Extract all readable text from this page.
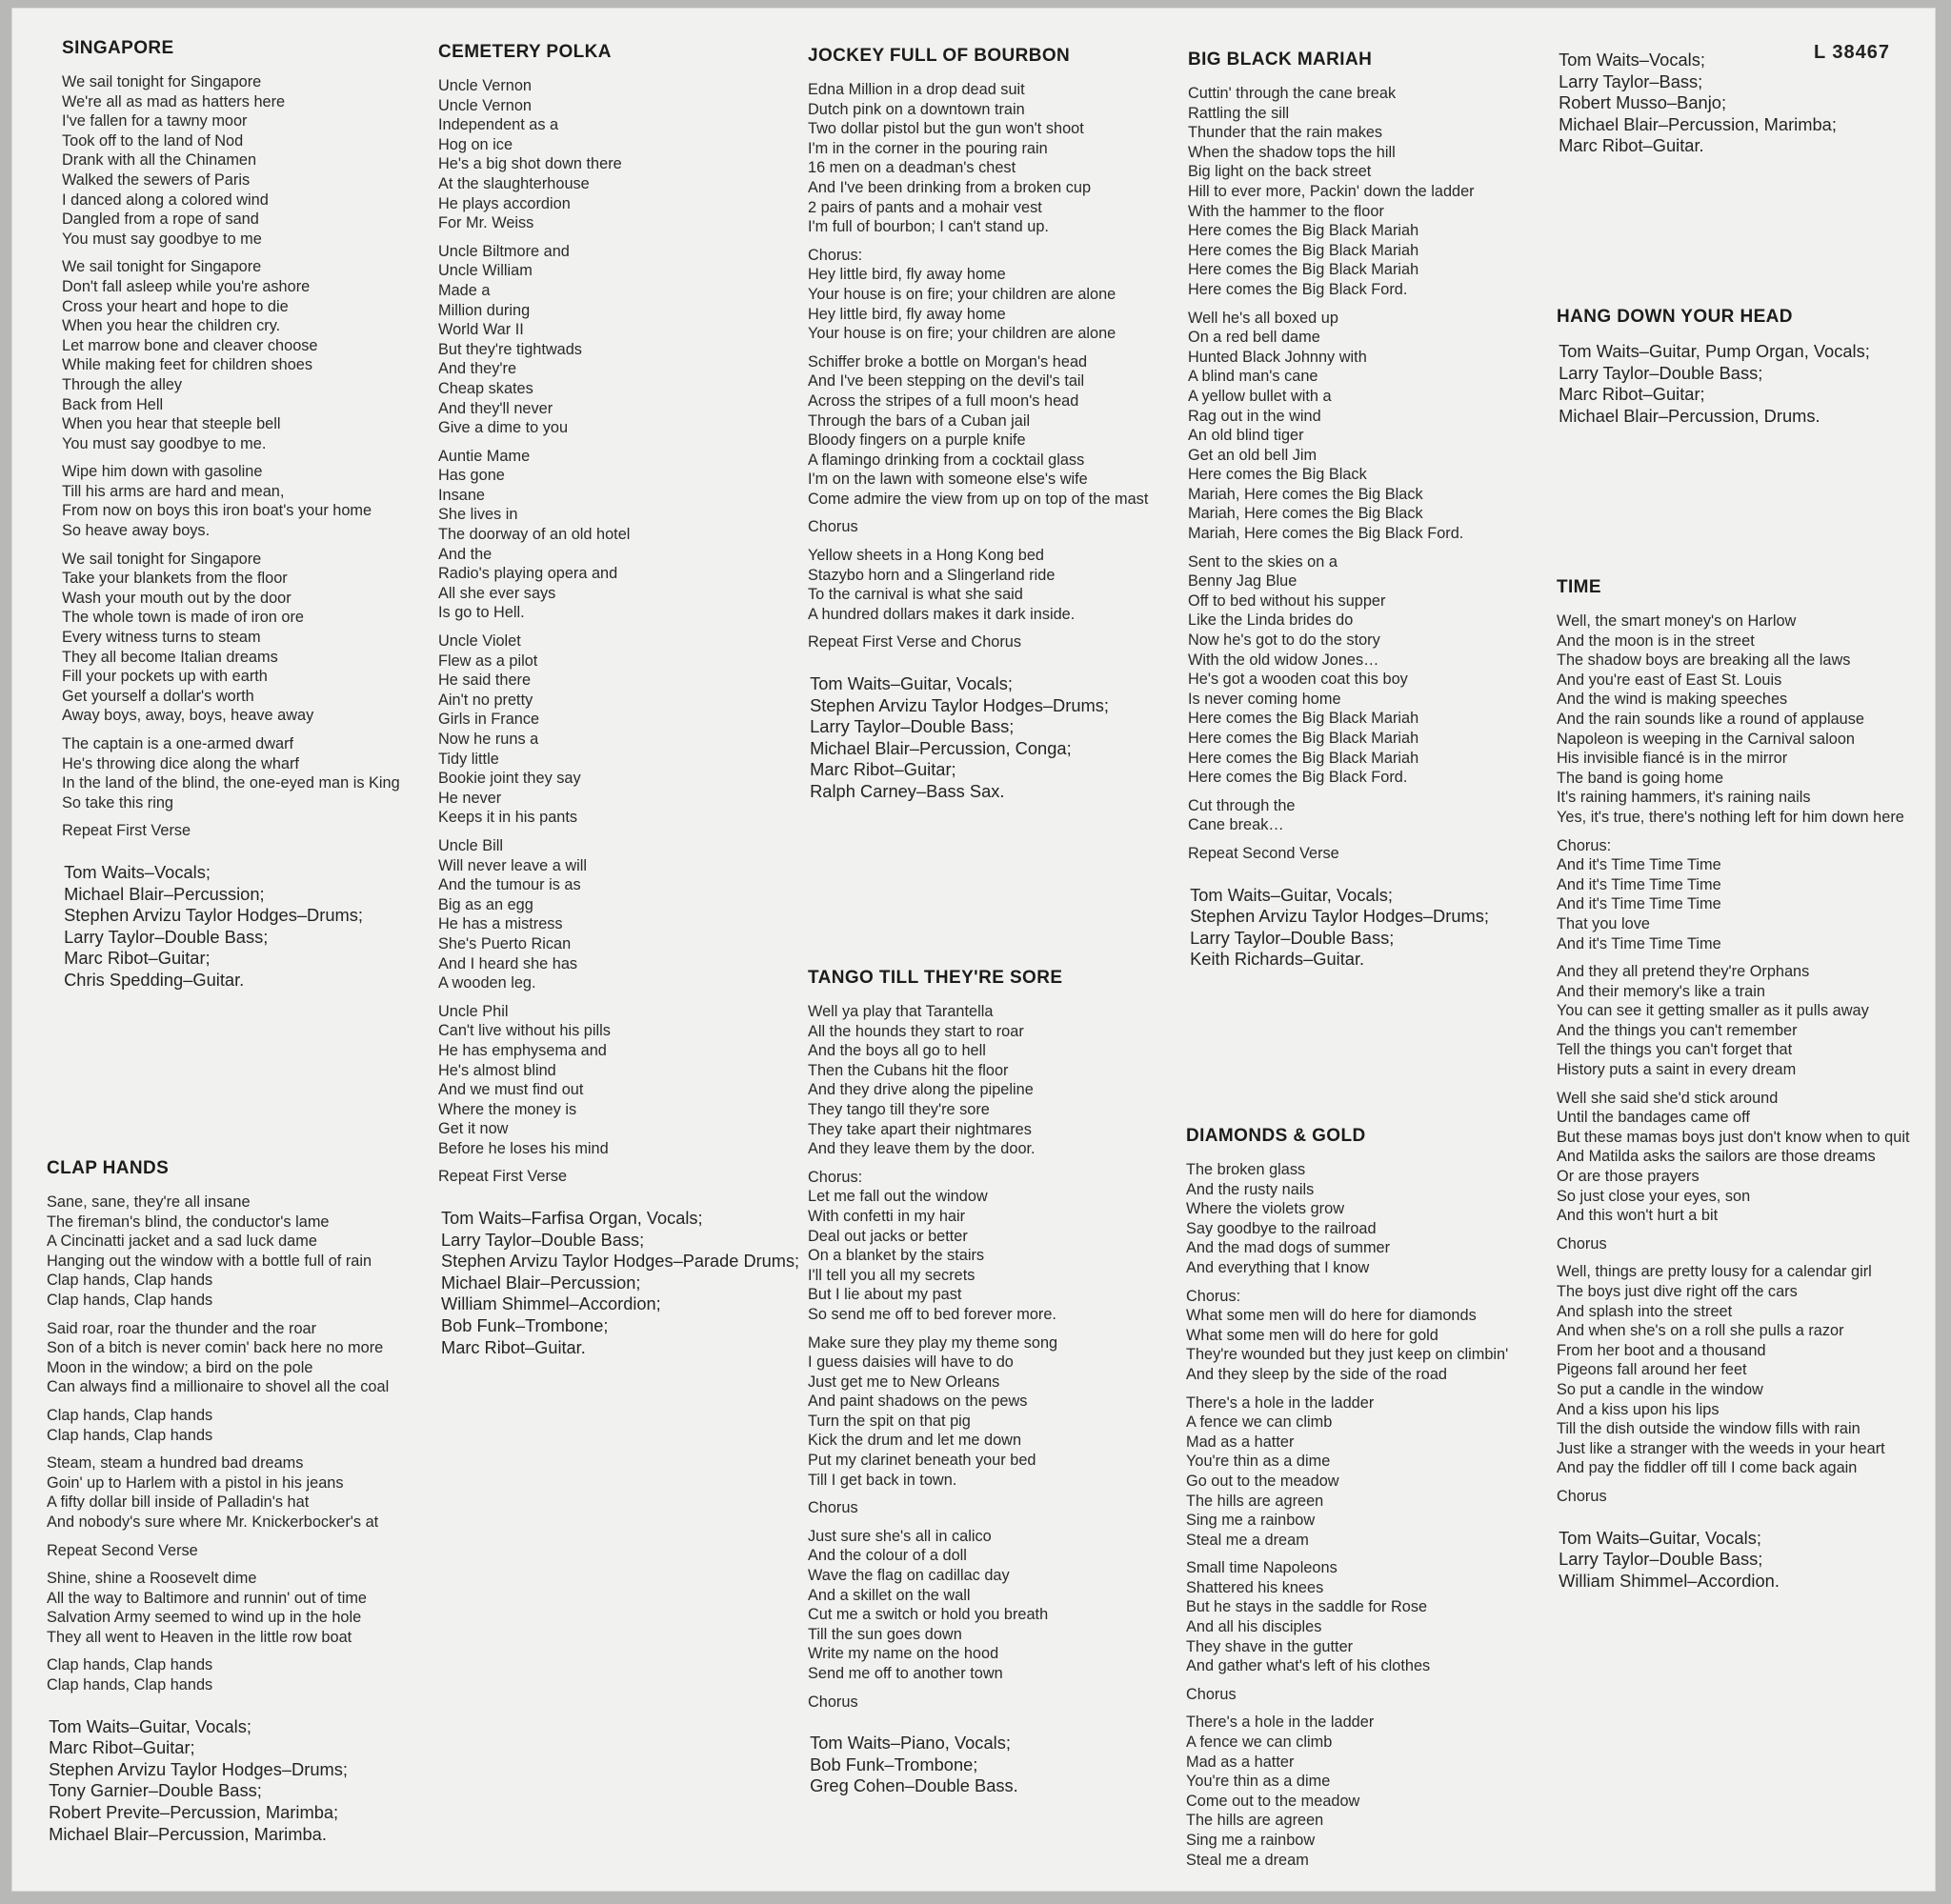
L 38467
SINGAPORE
We sail tonight for Singapore
We're all as mad as hatters here
I've fallen for a tawny moor
Took off to the land of Nod
Drank with all the Chinamen
Walked the sewers of Paris
I danced along a colored wind
Dangled from a rope of sand
You must say goodbye to me
We sail tonight for Singapore
Don't fall asleep while you're ashore
Cross your heart and hope to die
When you hear the children cry.
Let marrow bone and cleaver choose
While making feet for children shoes
Through the alley
Back from Hell
When you hear that steeple bell
You must say goodbye to me.
Wipe him down with gasoline
Till his arms are hard and mean,
From now on boys this iron boat's your home
So heave away boys.
We sail tonight for Singapore
Take your blankets from the floor
Wash your mouth out by the door
The whole town is made of iron ore
Every witness turns to steam
They all become Italian dreams
Fill your pockets up with earth
Get yourself a dollar's worth
Away boys, away, boys, heave away
The captain is a one-armed dwarf
He's throwing dice along the wharf
In the land of the blind, the one-eyed man is King
So take this ring
Repeat First Verse
Tom Waits–Vocals;
Michael Blair–Percussion;
Stephen Arvizu Taylor Hodges–Drums;
Larry Taylor–Double Bass;
Marc Ribot–Guitar;
Chris Spedding–Guitar.
CLAP HANDS
Sane, sane, they're all insane
The fireman's blind, the conductor's lame
A Cincinatti jacket and a sad luck dame
Hanging out the window with a bottle full of rain
Clap hands, Clap hands
Clap hands, Clap hands
Said roar, roar the thunder and the roar
Son of a bitch is never comin' back here no more
Moon in the window; a bird on the pole
Can always find a millionaire to shovel all the coal
Clap hands, Clap hands
Clap hands, Clap hands
Steam, steam a hundred bad dreams
Goin' up to Harlem with a pistol in his jeans
A fifty dollar bill inside of Palladin's hat
And nobody's sure where Mr. Knickerbocker's at
Repeat Second Verse
Shine, shine a Roosevelt dime
All the way to Baltimore and runnin' out of time
Salvation Army seemed to wind up in the hole
They all went to Heaven in the little row boat
Clap hands, Clap hands
Clap hands, Clap hands
Tom Waits–Guitar, Vocals;
Marc Ribot–Guitar;
Stephen Arvizu Taylor Hodges–Drums;
Tony Garnier–Double Bass;
Robert Previte–Percussion, Marimba;
Michael Blair–Percussion, Marimba.
CEMETERY POLKA
Uncle Vernon
Uncle Vernon
Independent as a
Hog on ice
He's a big shot down there
At the slaughterhouse
He plays accordion
For Mr. Weiss
Uncle Biltmore and
Uncle William
Made a
Million during
World War II
But they're tightwads
And they're
Cheap skates
And they'll never
Give a dime to you
Auntie Mame
Has gone
Insane
She lives in
The doorway of an old hotel
And the
Radio's playing opera and
All she ever says
Is go to Hell.
Uncle Violet
Flew as a pilot
He said there
Ain't no pretty
Girls in France
Now he runs a
Tidy little
Bookie joint they say
He never
Keeps it in his pants
Uncle Bill
Will never leave a will
And the tumour is as
Big as an egg
He has a mistress
She's Puerto Rican
And I heard she has
A wooden leg.
Uncle Phil
Can't live without his pills
He has emphysema and
He's almost blind
And we must find out
Where the money is
Get it now
Before he loses his mind
Repeat First Verse
Tom Waits–Farfisa Organ, Vocals;
Larry Taylor–Double Bass;
Stephen Arvizu Taylor Hodges–Parade Drums;
Michael Blair–Percussion;
William Shimmel–Accordion;
Bob Funk–Trombone;
Marc Ribot–Guitar.
JOCKEY FULL OF BOURBON
Edna Million in a drop dead suit
Dutch pink on a downtown train
Two dollar pistol but the gun won't shoot
I'm in the corner in the pouring rain
16 men on a deadman's chest
And I've been drinking from a broken cup
2 pairs of pants and a mohair vest
I'm full of bourbon; I can't stand up.
Chorus:
Hey little bird, fly away home
Your house is on fire; your children are alone
Hey little bird, fly away home
Your house is on fire; your children are alone
Schiffer broke a bottle on Morgan's head
And I've been stepping on the devil's tail
Across the stripes of a full moon's head
Through the bars of a Cuban jail
Bloody fingers on a purple knife
A flamingo drinking from a cocktail glass
I'm on the lawn with someone else's wife
Come admire the view from up on top of the mast
Chorus
Yellow sheets in a Hong Kong bed
Stazybo horn and a Slingerland ride
To the carnival is what she said
A hundred dollars makes it dark inside.
Repeat First Verse and Chorus
Tom Waits–Guitar, Vocals;
Stephen Arvizu Taylor Hodges–Drums;
Larry Taylor–Double Bass;
Michael Blair–Percussion, Conga;
Marc Ribot–Guitar;
Ralph Carney–Bass Sax.
TANGO TILL THEY'RE SORE
Well ya play that Tarantella
All the hounds they start to roar
And the boys all go to hell
Then the Cubans hit the floor
And they drive along the pipeline
They tango till they're sore
They take apart their nightmares
And they leave them by the door.
Chorus:
Let me fall out the window
With confetti in my hair
Deal out jacks or better
On a blanket by the stairs
I'll tell you all my secrets
But I lie about my past
So send me off to bed forever more.
Make sure they play my theme song
I guess daisies will have to do
Just get me to New Orleans
And paint shadows on the pews
Turn the spit on that pig
Kick the drum and let me down
Put my clarinet beneath your bed
Till I get back in town.
Chorus
Just sure she's all in calico
And the colour of a doll
Wave the flag on cadillac day
And a skillet on the wall
Cut me a switch or hold you breath
Till the sun goes down
Write my name on the hood
Send me off to another town
Chorus
Tom Waits–Piano, Vocals;
Bob Funk–Trombone;
Greg Cohen–Double Bass.
BIG BLACK MARIAH
Cuttin' through the cane break
Rattling the sill
Thunder that the rain makes
When the shadow tops the hill
Big light on the back street
Hill to ever more, Packin' down the ladder
With the hammer to the floor
Here comes the Big Black Mariah
Here comes the Big Black Mariah
Here comes the Big Black Mariah
Here comes the Big Black Ford.
Well he's all boxed up
On a red bell dame
Hunted Black Johnny with
A blind man's cane
A yellow bullet with a
Rag out in the wind
An old blind tiger
Get an old bell Jim
Here comes the Big Black
Mariah, Here comes the Big Black
Mariah, Here comes the Big Black
Mariah, Here comes the Big Black Ford.
Sent to the skies on a
Benny Jag Blue
Off to bed without his supper
Like the Linda brides do
Now he's got to do the story
With the old widow Jones…
He's got a wooden coat this boy
Is never coming home
Here comes the Big Black Mariah
Here comes the Big Black Mariah
Here comes the Big Black Mariah
Here comes the Big Black Ford.
Cut through the
Cane break…
Repeat Second Verse
Tom Waits–Guitar, Vocals;
Stephen Arvizu Taylor Hodges–Drums;
Larry Taylor–Double Bass;
Keith Richards–Guitar.
DIAMONDS & GOLD
The broken glass
And the rusty nails
Where the violets grow
Say goodbye to the railroad
And the mad dogs of summer
And everything that I know
Chorus:
What some men will do here for diamonds
What some men will do here for gold
They're wounded but they just keep on climbin'
And they sleep by the side of the road
There's a hole in the ladder
A fence we can climb
Mad as a hatter
You're thin as a dime
Go out to the meadow
The hills are agreen
Sing me a rainbow
Steal me a dream
Small time Napoleons
Shattered his knees
But he stays in the saddle for Rose
And all his disciples
They shave in the gutter
And gather what's left of his clothes
Chorus
There's a hole in the ladder
A fence we can climb
Mad as a hatter
You're thin as a dime
Come out to the meadow
The hills are agreen
Sing me a rainbow
Steal me a dream
Tom Waits–Vocals;
Larry Taylor–Bass;
Robert Musso–Banjo;
Michael Blair–Percussion, Marimba;
Marc Ribot–Guitar.
HANG DOWN YOUR HEAD
Tom Waits–Guitar, Pump Organ, Vocals;
Larry Taylor–Double Bass;
Marc Ribot–Guitar;
Michael Blair–Percussion, Drums.
TIME
Well, the smart money's on Harlow
And the moon is in the street
The shadow boys are breaking all the laws
And you're east of East St. Louis
And the wind is making speeches
And the rain sounds like a round of applause
Napoleon is weeping in the Carnival saloon
His invisible fiancé is in the mirror
The band is going home
It's raining hammers, it's raining nails
Yes, it's true, there's nothing left for him down here
Chorus:
And it's Time Time Time
And it's Time Time Time
And it's Time Time Time
That you love
And it's Time Time Time
And they all pretend they're Orphans
And their memory's like a train
You can see it getting smaller as it pulls away
And the things you can't remember
Tell the things you can't forget that
History puts a saint in every dream
Well she said she'd stick around
Until the bandages came off
But these mamas boys just don't know when to quit
And Matilda asks the sailors are those dreams
Or are those prayers
So just close your eyes, son
And this won't hurt a bit
Chorus
Well, things are pretty lousy for a calendar girl
The boys just dive right off the cars
And splash into the street
And when she's on a roll she pulls a razor
From her boot and a thousand
Pigeons fall around her feet
So put a candle in the window
And a kiss upon his lips
Till the dish outside the window fills with rain
Just like a stranger with the weeds in your heart
And pay the fiddler off till I come back again
Chorus
Tom Waits–Guitar, Vocals;
Larry Taylor–Double Bass;
William Shimmel–Accordion.
